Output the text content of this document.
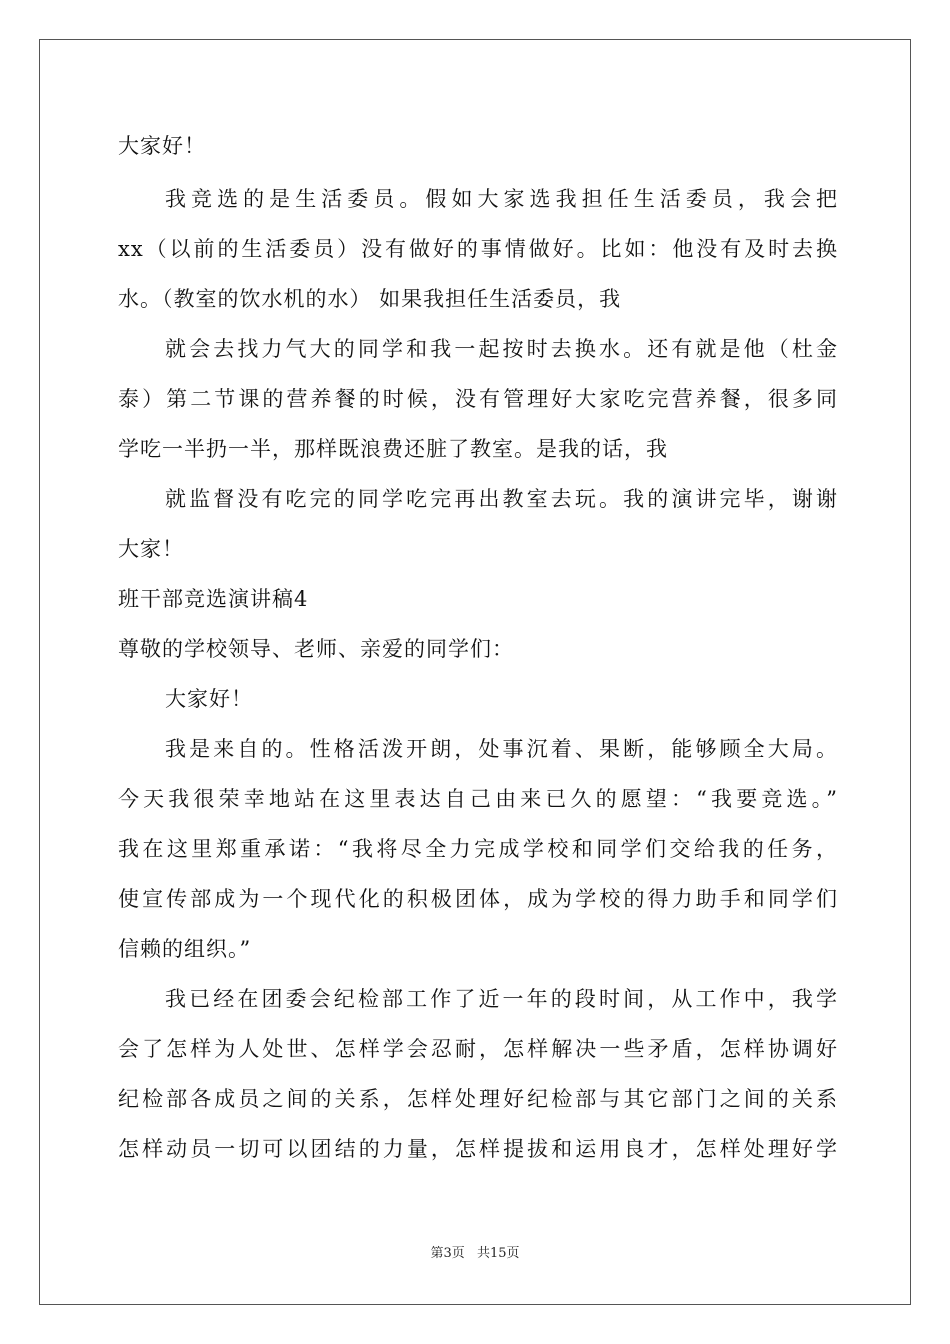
大家好！
我竞选的是生活委员。假如大家选我担任生活委员，我会把
xx（以前的生活委员）没有做好的事情做好。比如：他没有及时去换
水。（教室的饮水机的水） 如果我担任生活委员，我
就会去找力气大的同学和我一起按时去换水。还有就是他（杜金
泰）第二节课的营养餐的时候，没有管理好大家吃完营养餐，很多同
学吃一半扔一半，那样既浪费还脏了教室。是我的话，我
就监督没有吃完的同学吃完再出教室去玩。我的演讲完毕，谢谢
大家！
班干部竞选演讲稿4
尊敬的学校领导、老师、亲爱的同学们：
大家好！
我是来自的。性格活泼开朗，处事沉着、果断，能够顾全大局。
今天我很荣幸地站在这里表达自己由来已久的愿望：“我要竞选。”
我在这里郑重承诺：“我将尽全力完成学校和同学们交给我的任务，
使宣传部成为一个现代化的积极团体，成为学校的得力助手和同学们
信赖的组织。”
我已经在团委会纪检部工作了近一年的段时间，从工作中，我学
会了怎样为人处世、怎样学会忍耐，怎样解决一些矛盾，怎样协调好
纪检部各成员之间的关系，怎样处理好纪检部与其它部门之间的关系
怎样动员一切可以团结的力量，怎样提拔和运用良才，怎样处理好学
第3页 共15页
